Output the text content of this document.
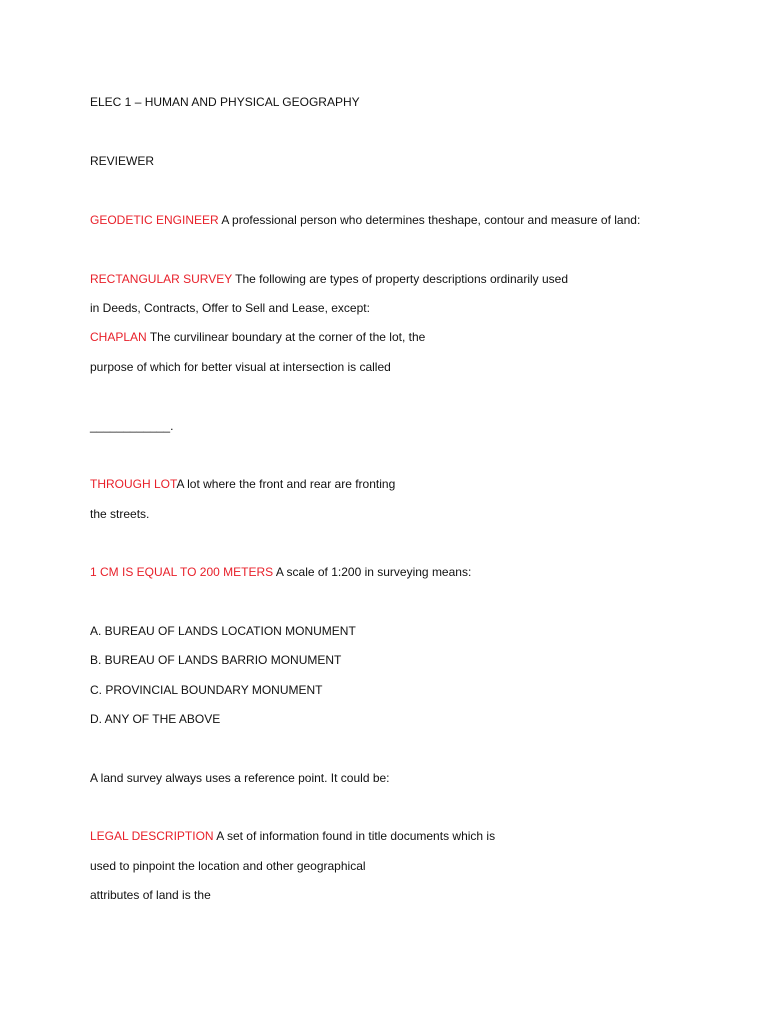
ELEC 1 – HUMAN AND PHYSICAL GEOGRAPHY
REVIEWER
GEODETIC ENGINEER A professional person who determines theshape, contour and measure of land:
RECTANGULAR SURVEY The following are types of property descriptions ordinarily used
in Deeds, Contracts, Offer to Sell and Lease, except:
CHAPLAN The curvilinear boundary at the corner of the lot, the
purpose of which for better visual at intersection is called
____________.
THROUGH LOTA lot where the front and rear are fronting
the streets.
1 CM IS EQUAL TO 200 METERS A scale of 1:200 in surveying means:
A. BUREAU OF LANDS LOCATION MONUMENT
B. BUREAU OF LANDS BARRIO MONUMENT
C. PROVINCIAL BOUNDARY MONUMENT
D. ANY OF THE ABOVE
A land survey always uses a reference point. It could be:
LEGAL DESCRIPTION A set of information found in title documents which is
used to pinpoint the location and other geographical
attributes of land is the
